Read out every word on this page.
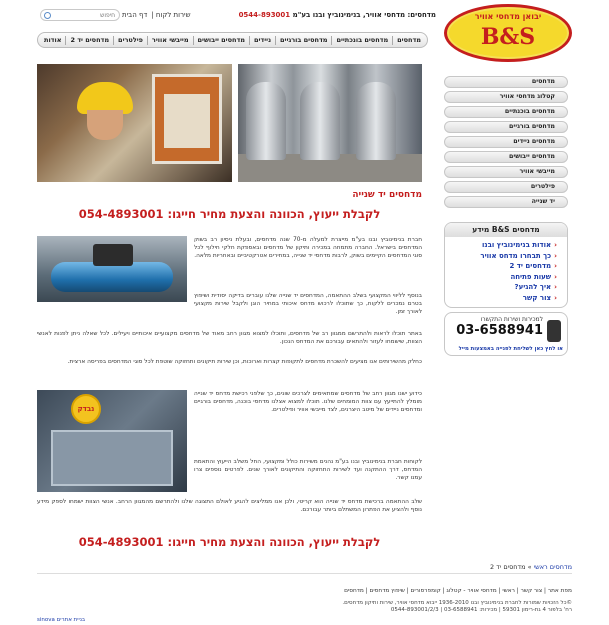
יבואן מדחסי אוויר
B&S
מדחסים: מדחסי אוויר, בנימינוביץ ובנו בע"מ 0544-893001
שירות לקוח| דף הבית
חיפוש
מדחסים
מדחסים בונכתיים
מדחסים בורגיים
ניידים
מדחסים ייבושים
מייבשי אוויר
פילטרים
מדחסים יד 2
אודות
מדחסים
קטלוג מדחסי אוויר
מדחסים בוכנתיים
מדחסים בורגיים
מדחסים ניידים
מדחסים ייבושים
מייבשי אוויר
פילטרים
יד שנייה
מדחסים B&S מידע
‹אודות בנימינוביץ ובנו
‹כך תבחרו מדחס אוויר
‹מדחסים יד 2
‹שעות פתיחה
‹איך להגיע?
‹צור קשר
למכירות ושירות התקשרו
03-6588941
או לחץ כאן לשליחת לפנייה באמצעות מייל
מדחסים יד שנייה
לקבלת ייעוץ, הכוונה והצעת מחיר חייגו: 054-4893001
חברת בנימינוביץ ובנו בע"מ מייצרת למעלה מ-70 שנה מדחסים, ובעלת ניסיון רב בשוק המדחסים בישראל. החברה מתמחה במכירה ותיקון של מדחסים ובאספקת חלקי חילוף לכל סוגי המדחסים הקיימים בשוק, לרבות מדחסי יד שנייה, במחירים אטרקטיביים ובאחריות מלאה.
בנוסף לליווי המקצועי בשלב ההתאמה, המדחסים יד שנייה שלנו עוברים בדיקה יסודית ושיפוץ בטרם נמכרים ללקוח, כך שתוכלו לרכוש מדחס איכותי במחיר הוגן ולקבל שירות מקצועי לאורך זמן.
באתר תוכלו לראות ולהתרשם ממגוון רב של מדחסים, ותוכלו למצוא מגוון רחב מאוד של מדחסים מקצועיים איכותיים ויעילים. לכל שאלה ניתן לפנות לאנשי הצוות, שישמחו לעזור ולהתאים עבורכם את המדחס הנכון.
כחלק מהשירותים אנו מציעים להשכרת מדחסים לתקופות קצרות וארוכות, וכן שירות תיקונים ותחזוקה שוטפת לכל סוגי המדחסים בפריסה ארצית.
נבדק
כידוע ישנו מגוון רחב של מדחסים שמתאימים לצרכים שונים, כך שלפני רכישת מדחס יד שנייה מומלץ להתייעץ עם צוות המומחים שלנו. תוכלו למצוא אצלנו מדחסי בוכנה, מדחסים בורגיים ומדחסים ניידים של מיטב היצרנים, לצד מייבשי אוויר ופילטרים.
לקוחות חברת בנימינוביץ ובנו בע"מ נהנים משירות כולל ומקצועי, החל משלב הייעוץ והתאמת המדחס, דרך ההתקנה ועד לשירות התחזוקה והתיקונים לאורך שנים. לפרטים נוספים צרו עמנו קשר.
שלב ההתאמה ברכישת מדחס יד שנייה הוא קריטי, ולכן אנו ממליצים להגיע לאולם התצוגה שלנו ולהתרשם מהמגוון הרחב. אנשי הצוות ישמחו לספק מידע נוסף ולהציע את הפתרון המשתלם ביותר עבורכם.
לקבלת ייעוץ, הכוונה והצעת מחיר חייגו: 054-4893001
מדחסים ראשי » מדחסים יד 2
מפת אתר | צור קשר | ראשי | מדחסי אוויר - קטלוג | קומפרסורים | שיפוץ מדחסים | מדחסים
©כל הזכויות שמורות לחברת בנימינוביץ ובנו 1936-2010 ייבוא מדחסי אוויר, שירות ותיקון מדחסים.
רח' בלפור 4 גת-רימון 59301 | מכירות: 03-6588941 | 0544-893001/2/3
בניית אתרים sinova
